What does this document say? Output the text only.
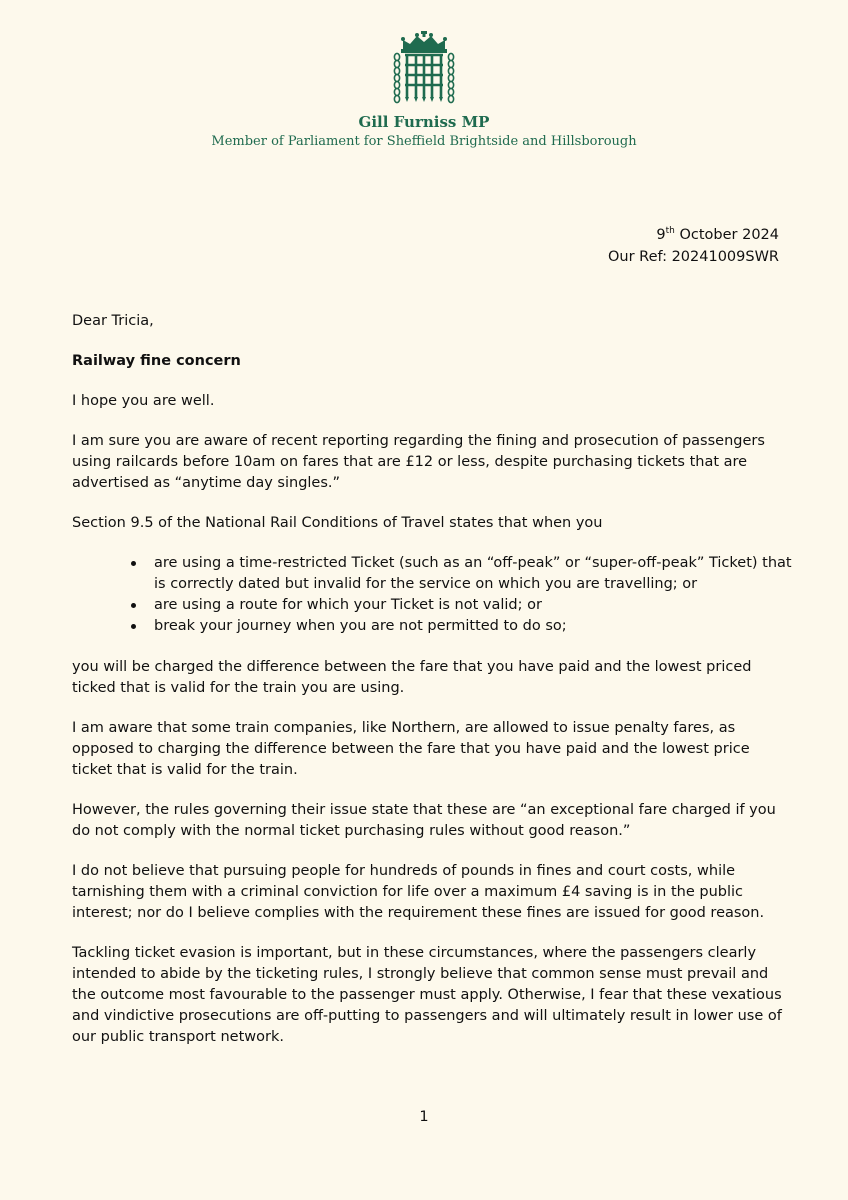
Gill Furniss MP

Member of Parliament for Sheffield Brightside and Hillsborough

9th October 2024
Our Ref: 20241009SWR

Dear Tricia,

Railway fine concern

I hope you are well.

I am sure you are aware of recent reporting regarding the fining and prosecution of passengers using railcards before 10am on fares that are £12 or less, despite purchasing tickets that are advertised as “anytime day singles.”

Section 9.5 of the National Rail Conditions of Travel states that when you

are using a time-restricted Ticket (such as an “off-peak” or “super-off-peak” Ticket) that is correctly dated but invalid for the service on which you are travelling; or
are using a route for which your Ticket is not valid; or
break your journey when you are not permitted to do so;

you will be charged the difference between the fare that you have paid and the lowest priced ticked that is valid for the train you are using.

I am aware that some train companies, like Northern, are allowed to issue penalty fares, as opposed to charging the difference between the fare that you have paid and the lowest price ticket that is valid for the train.

However, the rules governing their issue state that these are “an exceptional fare charged if you do not comply with the normal ticket purchasing rules without good reason.”

I do not believe that pursuing people for hundreds of pounds in fines and court costs, while tarnishing them with a criminal conviction for life over a maximum £4 saving is in the public interest; nor do I believe complies with the requirement these fines are issued for good reason.

Tackling ticket evasion is important, but in these circumstances, where the passengers clearly intended to abide by the ticketing rules, I strongly believe that common sense must prevail and the outcome most favourable to the passenger must apply. Otherwise, I fear that these vexatious and vindictive prosecutions are off-putting to passengers and will ultimately result in lower use of our public transport network.

1
